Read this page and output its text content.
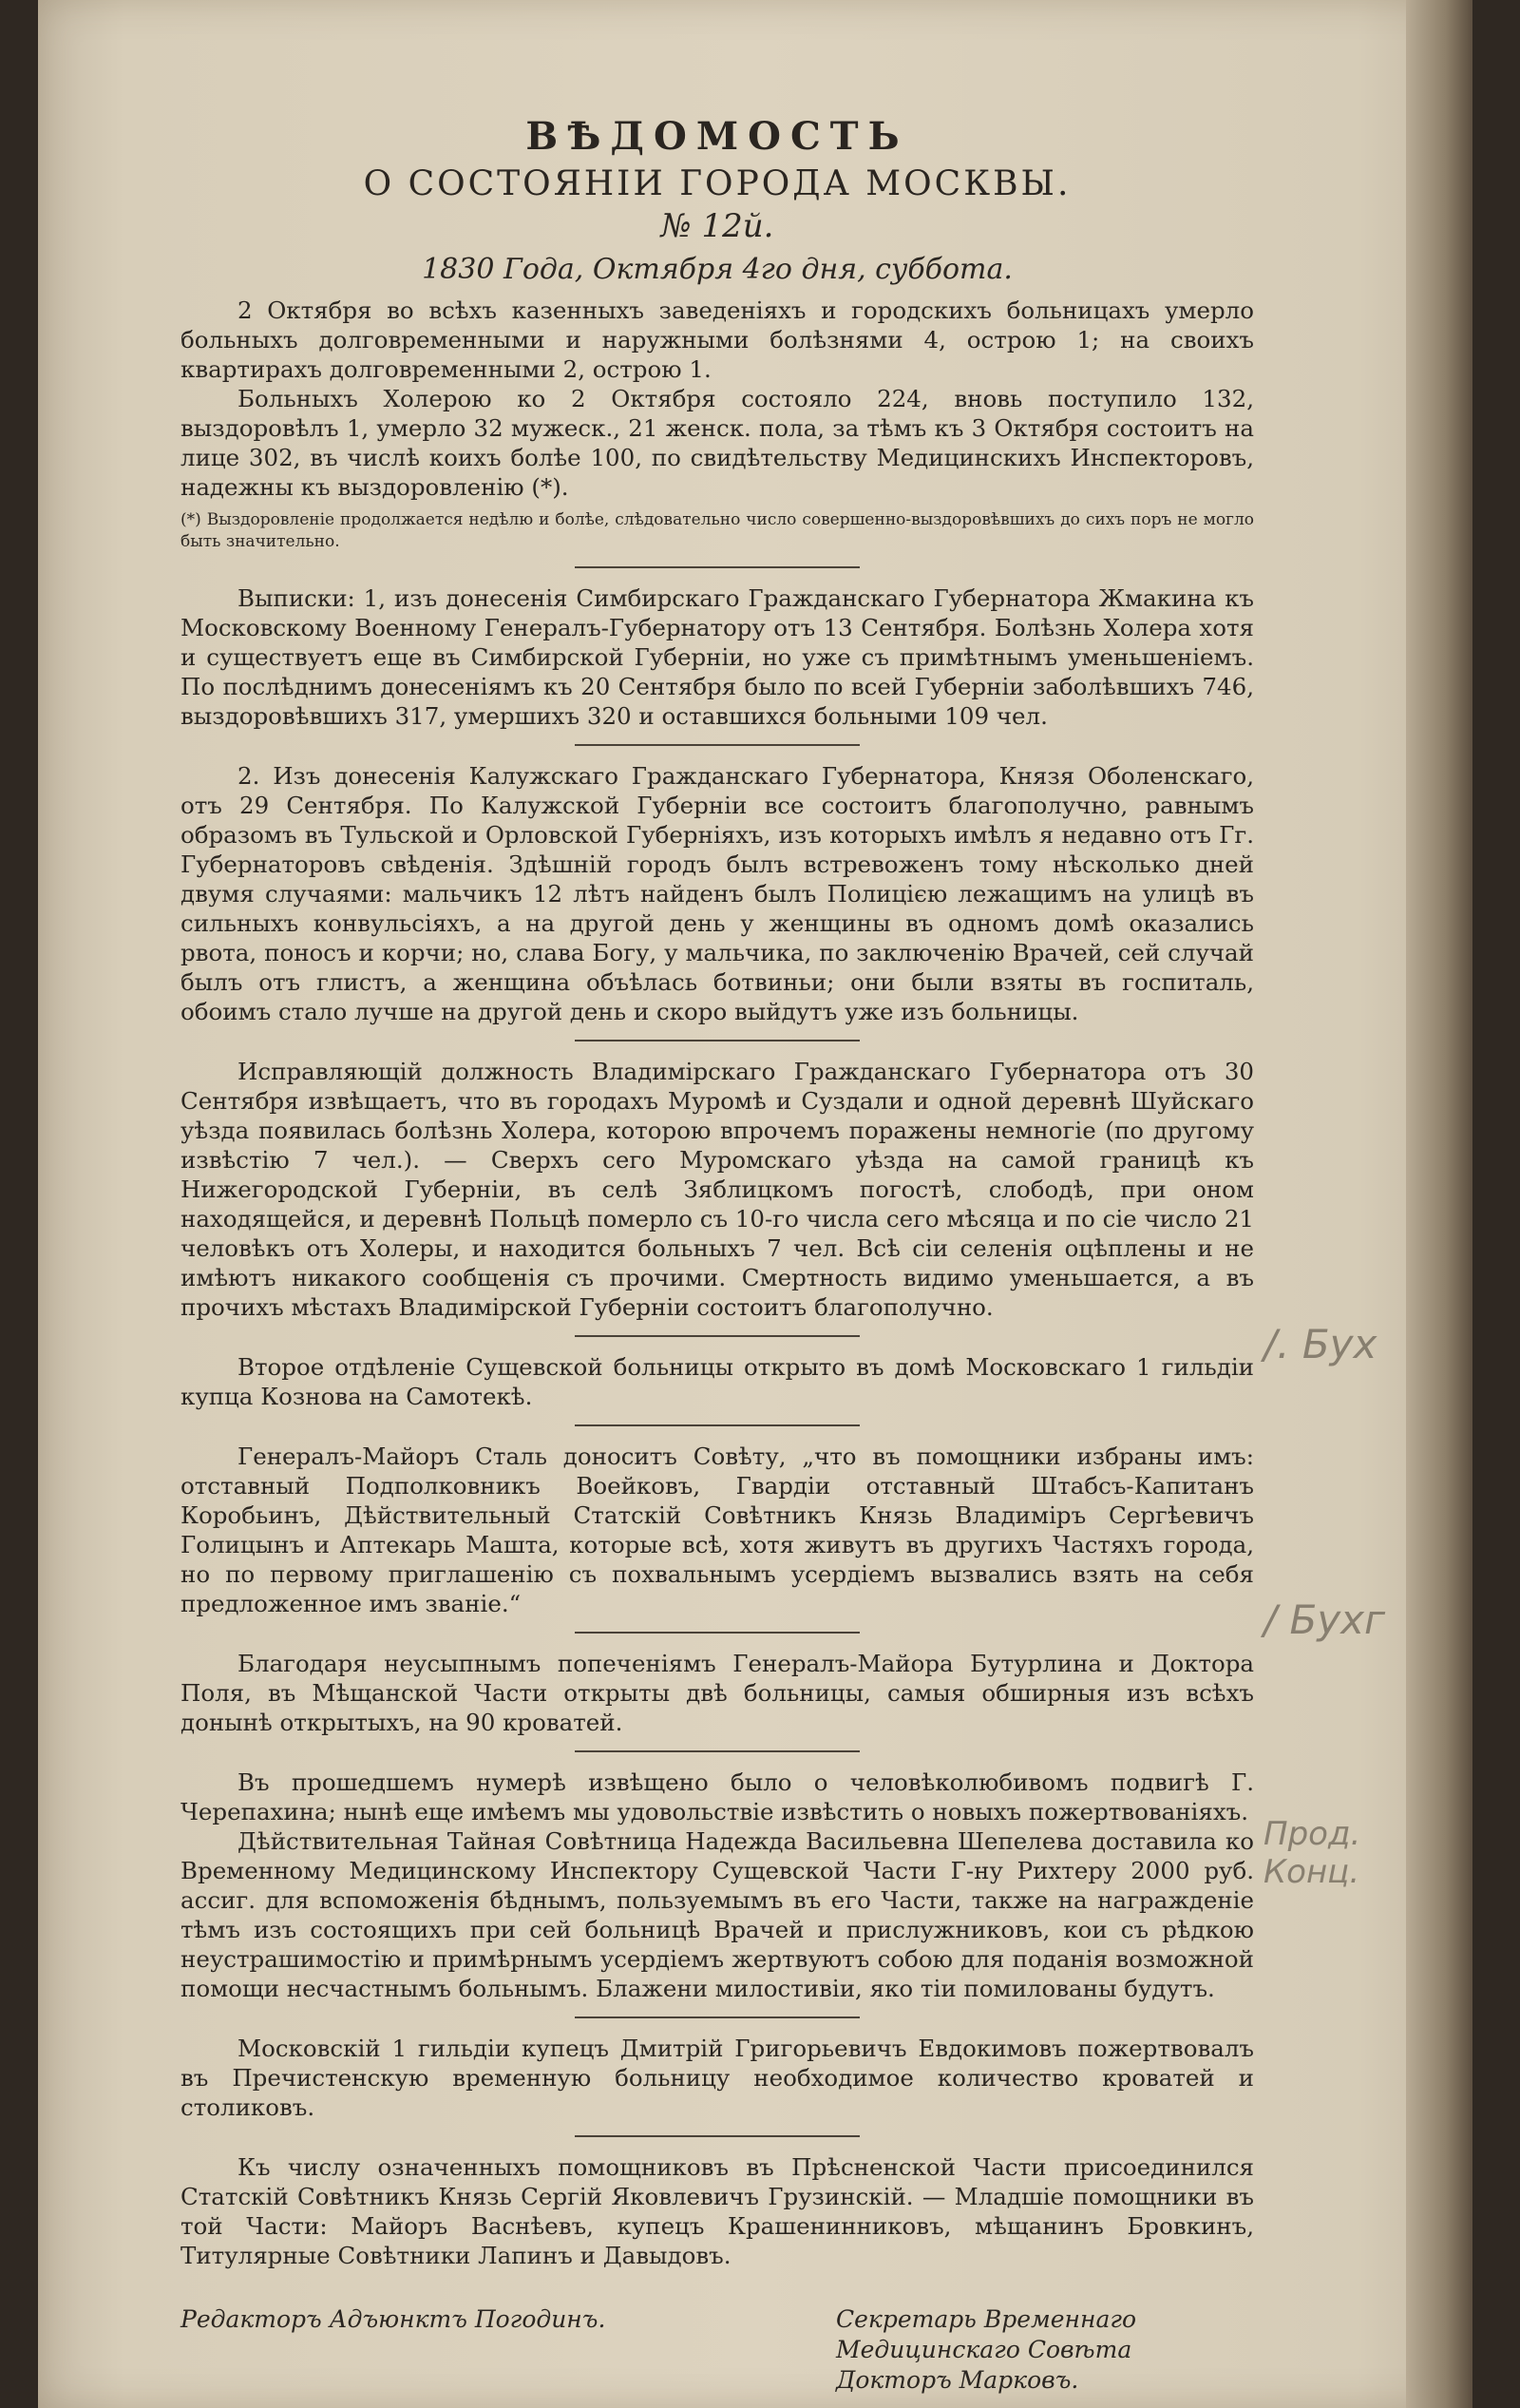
ВѢДОМОСТЬ
О СОСТОЯНІИ ГОРОДА МОСКВЫ.
№ 12й.
1830 Года, Октября 4го дня, суббота.

2 Октября во всѣхъ казенныхъ заведеніяхъ и городскихъ больницахъ умерло больныхъ долговременными и наружными болѣзнями 4, острою 1; на своихъ квартирахъ долговременными 2, острою 1.

Больныхъ Холерою ко 2 Октября состояло 224, вновь поступило 132, выздоровѣлъ 1, умерло 32 мужеск., 21 женск. пола, за тѣмъ къ 3 Октября состоитъ на лице 302, въ числѣ коихъ болѣе 100, по свидѣтельству Медицинскихъ Инспекторовъ, надежны къ выздоровленію (*).

(*) Выздоровленіе продолжается недѣлю и болѣе, слѣдовательно число совершенно-выздоровѣвшихъ до сихъ поръ не могло быть значительно.

Выписки: 1, изъ донесенія Симбирскаго Гражданскаго Губернатора Жмакина къ Московскому Военному Генералъ-Губернатору отъ 13 Сентября. Болѣзнь Холера хотя и существуетъ еще въ Симбирской Губерніи, но уже съ примѣтнымъ уменьшеніемъ. По послѣднимъ донесеніямъ къ 20 Сентября было по всей Губерніи заболѣвшихъ 746, выздоровѣвшихъ 317, умершихъ 320 и оставшихся больными 109 чел.

2. Изъ донесенія Калужскаго Гражданскаго Губернатора, Князя Оболенскаго, отъ 29 Сентября. По Калужской Губерніи все состоитъ благополучно, равнымъ образомъ въ Тульской и Орловской Губерніяхъ, изъ которыхъ имѣлъ я недавно отъ Гг. Губернаторовъ свѣденія. Здѣшній городъ былъ встревоженъ тому нѣсколько дней двумя случаями: мальчикъ 12 лѣтъ найденъ былъ Полицією лежащимъ на улицѣ въ сильныхъ конвульсіяхъ, а на другой день у женщины въ одномъ домѣ оказались рвота, поносъ и корчи; но, слава Богу, у мальчика, по заключенію Врачей, сей случай былъ отъ глистъ, а женщина объѣлась ботвиньи; они были взяты въ госпиталь, обоимъ стало лучше на другой день и скоро выйдутъ уже изъ больницы.

Исправляющій должность Владимірскаго Гражданскаго Губернатора отъ 30 Сентября извѣщаетъ, что въ городахъ Муромѣ и Суздали и одной деревнѣ Шуйскаго уѣзда появилась болѣзнь Холера, которою впрочемъ поражены немногіе (по другому извѣстію 7 чел.). — Сверхъ сего Муромскаго уѣзда на самой границѣ къ Нижегородской Губерніи, въ селѣ Зяблицкомъ погостѣ, слободѣ, при оном находящейся, и деревнѣ Польцѣ померло съ 10-го числа сего мѣсяца и по сіе число 21 человѣкъ отъ Холеры, и находится больныхъ 7 чел. Всѣ сіи селенія оцѣплены и не имѣютъ никакого сообщенія съ прочими. Смертность видимо уменьшается, а въ прочихъ мѣстахъ Владимірской Губерніи состоитъ благополучно.

Второе отдѣленіе Сущевской больницы открыто въ домѣ Московскаго 1 гильдіи купца Кознова на Самотекѣ.

Генералъ-Майоръ Сталь доноситъ Совѣту, „что въ помощники избраны имъ: отставный Подполковникъ Воейковъ, Гвардіи отставный Штабсъ-Капитанъ Коробьинъ, Дѣйствительный Статскій Совѣтникъ Князь Владиміръ Сергѣевичъ Голицынъ и Аптекарь Машта, которые всѣ, хотя живутъ въ другихъ Частяхъ города, но по первому приглашенію съ похвальнымъ усердіемъ вызвались взять на себя предложенное имъ званіе.“

Благодаря неусыпнымъ попеченіямъ Генералъ-Майора Бутурлина и Доктора Поля, въ Мѣщанской Части открыты двѣ больницы, самыя обширныя изъ всѣхъ донынѣ открытыхъ, на 90 кроватей.

Въ прошедшемъ нумерѣ извѣщено было о человѣколюбивомъ подвигѣ Г. Черепахина; нынѣ еще имѣемъ мы удовольствіе извѣстить о новыхъ пожертвованіяхъ.

Дѣйствительная Тайная Совѣтница Надежда Васильевна Шепелева доставила ко Временному Медицинскому Инспектору Сущевской Части Г-ну Рихтеру 2000 руб. ассиг. для вспоможенія бѣднымъ, пользуемымъ въ его Части, также на награжденіе тѣмъ изъ состоящихъ при сей больницѣ Врачей и прислужниковъ, кои съ рѣдкою неустрашимостію и примѣрнымъ усердіемъ жертвуютъ собою для поданія возможной помощи несчастнымъ больнымъ. Блажени милостивіи, яко тіи помилованы будутъ.

Московскій 1 гильдіи купецъ Дмитрій Григорьевичъ Евдокимовъ пожертвовалъ въ Пречистенскую временную больницу необходимое количество кроватей и столиковъ.

Къ числу означенныхъ помощниковъ въ Прѣсненской Части присоединился Статскій Совѣтникъ Князь Сергій Яковлевичъ Грузинскій. — Младшіе помощники въ той Части: Майоръ Васнѣевъ, купецъ Крашенинниковъ, мѣщанинъ Бровкинъ, Титулярные Совѣтники Лапинъ и Давыдовъ.

Редакторъ Адъюнктъ Погодинъ.	Секретарь Временнаго Медицинскаго Совѣта Докторъ Марковъ.
/. Бух
/ Бухг
Прод. Конц.
